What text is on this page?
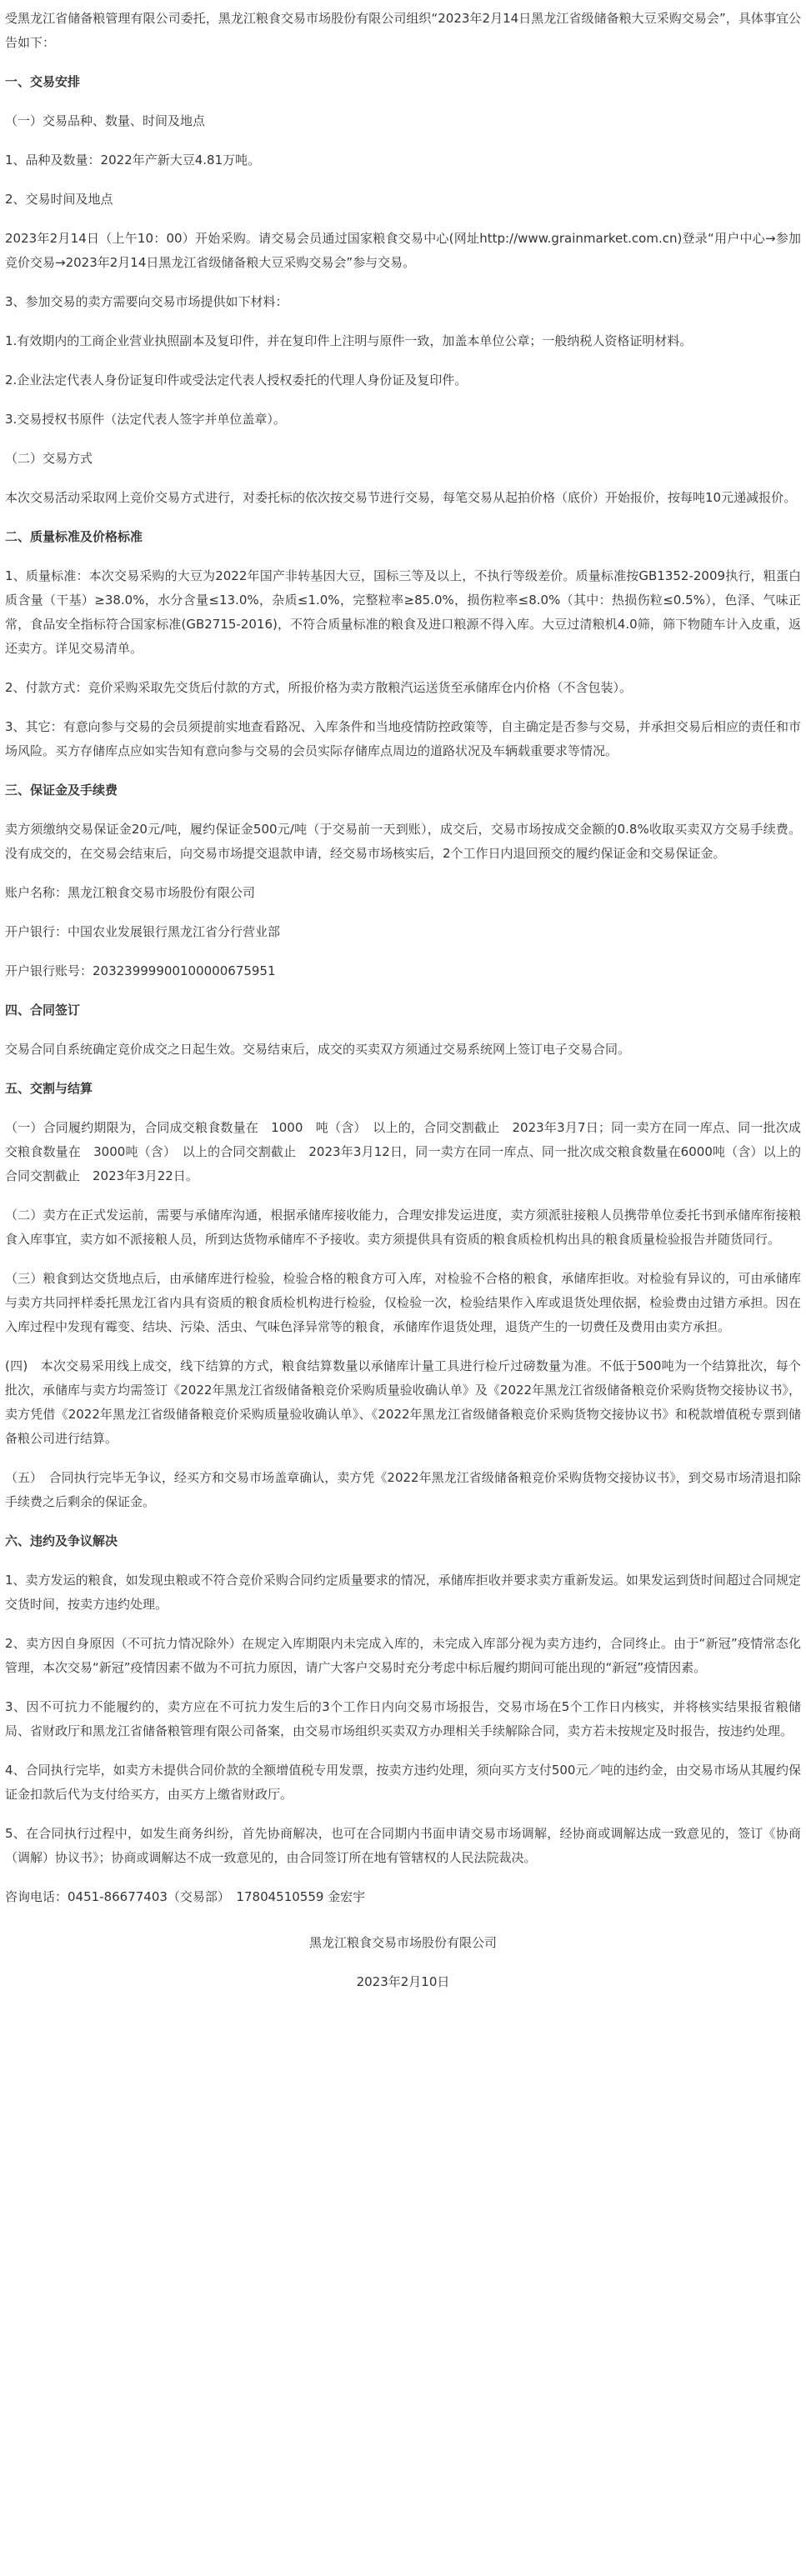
受黑龙江省储备粮管理有限公司委托，黑龙江粮食交易市场股份有限公司组织“2023年2月14日黑龙江省级储备粮大豆采购交易会”，具体事宜公告如下：
一、交易安排
（一）交易品种、数量、时间及地点
1、品种及数量：2022年产新大豆4.81万吨。
2、交易时间及地点
2023年2月14日（上午10：00）开始采购。请交易会员通过国家粮食交易中心(网址http://www.grainmarket.com.cn)登录“用户中心→参加竞价交易→2023年2月14日黑龙江省级储备粮大豆采购交易会”参与交易。
3、参加交易的卖方需要向交易市场提供如下材料：
1.有效期内的工商企业营业执照副本及复印件，并在复印件上注明与原件一致，加盖本单位公章；一般纳税人资格证明材料。
2.企业法定代表人身份证复印件或受法定代表人授权委托的代理人身份证及复印件。
3.交易授权书原件（法定代表人签字并单位盖章）。
（二）交易方式
本次交易活动采取网上竞价交易方式进行，对委托标的依次按交易节进行交易，每笔交易从起拍价格（底价）开始报价，按每吨10元递减报价。
二、质量标准及价格标准
1、质量标准：本次交易采购的大豆为2022年国产非转基因大豆，国标三等及以上，不执行等级差价。质量标准按GB1352-2009执行，粗蛋白质含量（干基）≥38.0%，水分含量≤13.0%，杂质≤1.0%，完整粒率≥85.0%，损伤粒率≤8.0%（其中：热损伤粒≤0.5%），色泽、气味正常，食品安全指标符合国家标准(GB2715-2016)，不符合质量标准的粮食及进口粮源不得入库。大豆过清粮机4.0筛，筛下物随车计入皮重，返还卖方。详见交易清单。
2、付款方式：竞价采购采取先交货后付款的方式，所报价格为卖方散粮汽运送货至承储库仓内价格（不含包装）。
3、其它：有意向参与交易的会员须提前实地查看路况、入库条件和当地疫情防控政策等，自主确定是否参与交易，并承担交易后相应的责任和市场风险。买方存储库点应如实告知有意向参与交易的会员实际存储库点周边的道路状况及车辆载重要求等情况。
三、保证金及手续费
卖方须缴纳交易保证金20元/吨，履约保证金500元/吨（于交易前一天到账），成交后，交易市场按成交金额的0.8%收取买卖双方交易手续费。没有成交的，在交易会结束后，向交易市场提交退款申请，经交易市场核实后，2个工作日内退回预交的履约保证金和交易保证金。
账户名称：黑龙江粮食交易市场股份有限公司
开户银行：中国农业发展银行黑龙江省分行营业部
开户银行账号：20323999900100000675951
四、合同签订
交易合同自系统确定竞价成交之日起生效。交易结束后，成交的买卖双方须通过交易系统网上签订电子交易合同。
五、交割与结算
（一）合同履约期限为，合同成交粮食数量在　1000　吨（含）　以上的，合同交割截止　2023年3月7日；同一卖方在同一库点、同一批次成交粮食数量在　3000吨（含）　以上的合同交割截止　2023年3月12日，同一卖方在同一库点、同一批次成交粮食数量在6000吨（含）以上的合同交割截止　2023年3月22日。
（二）卖方在正式发运前，需要与承储库沟通，根据承储库接收能力，合理安排发运进度，卖方须派驻接粮人员携带单位委托书到承储库衔接粮食入库事宜，卖方如不派接粮人员，所到达货物承储库不予接收。卖方须提供具有资质的粮食质检机构出具的粮食质量检验报告并随货同行。
（三）粮食到达交货地点后，由承储库进行检验，检验合格的粮食方可入库，对检验不合格的粮食，承储库拒收。对检验有异议的，可由承储库与卖方共同抨样委托黑龙江省内具有资质的粮食质检机构进行检验，仅检验一次，检验结果作入库或退货处理依据，检验费由过错方承担。因在入库过程中发现有霉变、结块、污染、活虫、气味色泽异常等的粮食，承储库作退货处理，退货产生的一切费任及费用由卖方承担。
(四)　本次交易采用线上成交，线下结算的方式，粮食结算数量以承储库计量工具进行检斤过磅数量为准。不低于500吨为一个结算批次，每个批次，承储库与卖方均需签订《2022年黑龙江省级储备粮竞价采购质量验收确认单》及《2022年黑龙江省级储备粮竞价采购货物交接协议书》，卖方凭借《2022年黑龙江省级储备粮竞价采购质量验收确认单》、《2022年黑龙江省级储备粮竞价采购货物交接协议书》和税款增值税专票到储备粮公司进行结算。
（五）　合同执行完毕无争议，经买方和交易市场盖章确认，卖方凭《2022年黑龙江省级储备粮竞价采购货物交接协议书》，到交易市场清退扣除手续费之后剩余的保证金。
六、违约及争议解决
1、卖方发运的粮食，如发现虫粮或不符合竞价采购合同约定质量要求的情况，承储库拒收并要求卖方重新发运。如果发运到货时间超过合同规定交货时间，按卖方违约处理。
2、卖方因自身原因（不可抗力情况除外）在规定入库期限内未完成入库的，未完成入库部分视为卖方违约，合同终止。由于“新冠”疫情常态化管理，本次交易“新冠”疫情因素不做为不可抗力原因，请广大客户交易时充分考虑中标后履约期间可能出现的“新冠”疫情因素。
3、因不可抗力不能履约的，卖方应在不可抗力发生后的3个工作日内向交易市场报告，交易市场在5个工作日内核实，并将核实结果报省粮储局、省财政厅和黑龙江省储备粮管理有限公司备案，由交易市场组织买卖双方办理相关手续解除合同，卖方若未按规定及时报告，按违约处理。
4、合同执行完毕，如卖方未提供合同价款的全额增值税专用发票，按卖方违约处理，须向买方支付500元／吨的违约金，由交易市场从其履约保证金扣款后代为支付给买方，由买方上缴省财政厅。
5、在合同执行过程中，如发生商务纠纷，首先协商解决，也可在合同期内书面申请交易市场调解，经协商或调解达成一致意见的，签订《协商（调解）协议书》；协商或调解达不成一致意见的，由合同签订所在地有管辖权的人民法院裁决。
咨询电话：0451-86677403（交易部）　17804510559 金宏宇
黑龙江粮食交易市场股份有限公司
2023年2月10日
